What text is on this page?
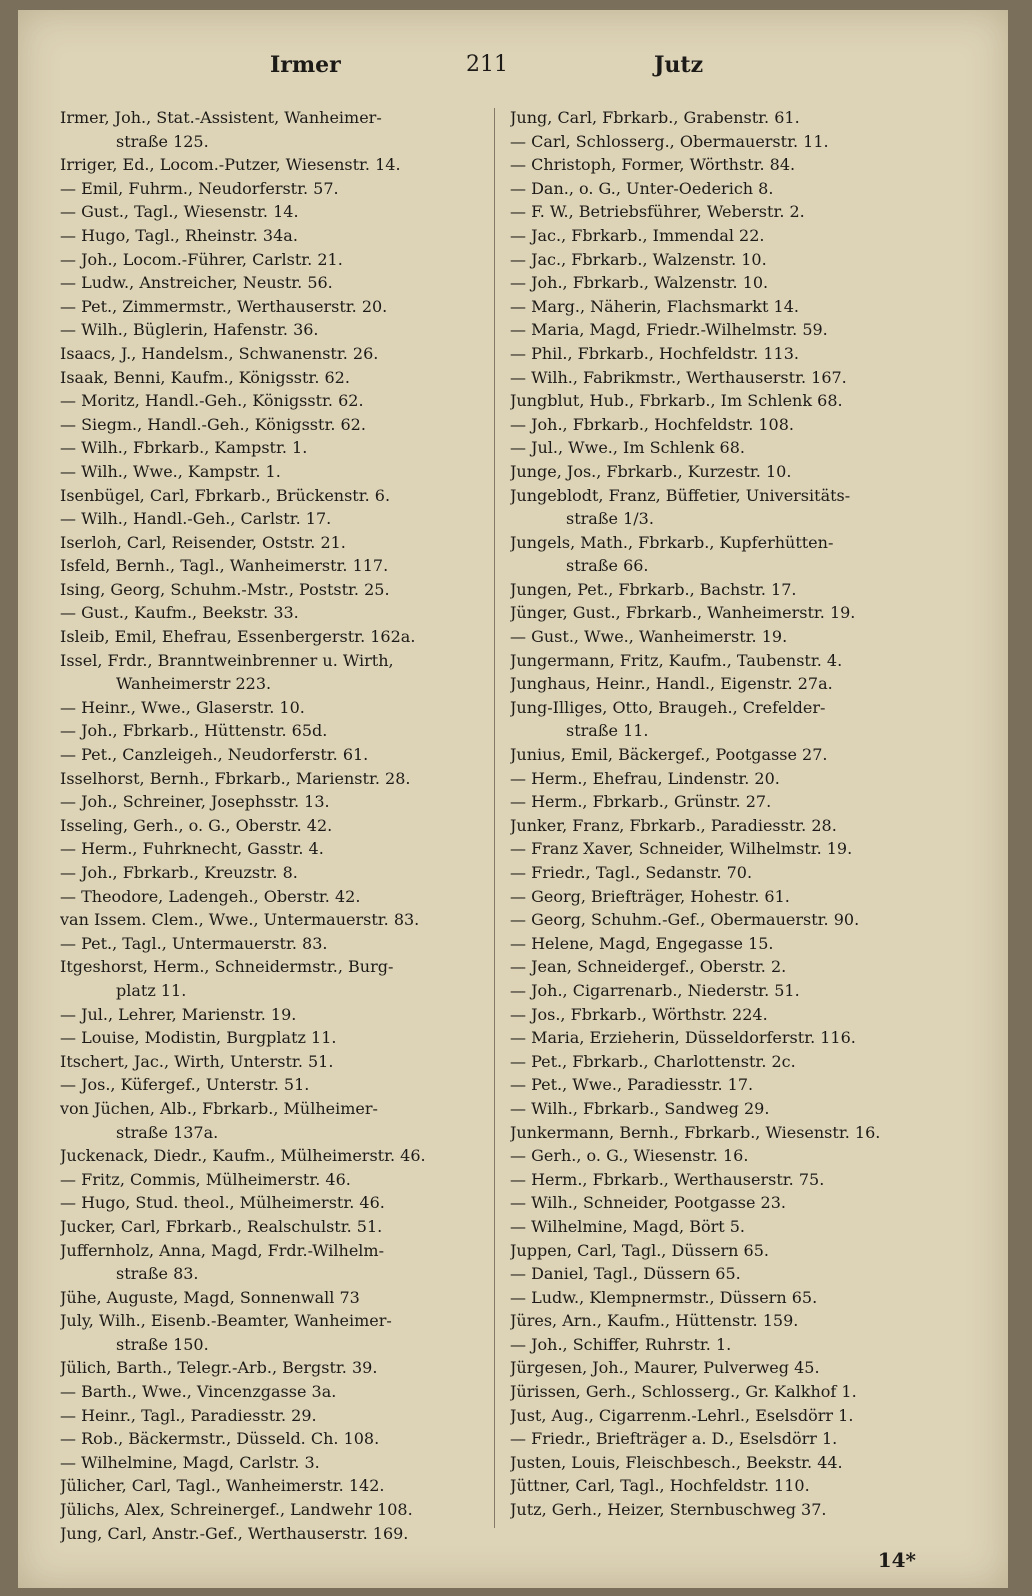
Irmer	211	Jutz
Irmer, Joh., Stat.-Assistent, Wanheimer-
straße 125.
Irriger, Ed., Locom.-Putzer, Wiesenstr. 14.
— Emil, Fuhrm., Neudorferstr. 57.
— Gust., Tagl., Wiesenstr. 14.
— Hugo, Tagl., Rheinstr. 34a.
— Joh., Locom.-Führer, Carlstr. 21.
— Ludw., Anstreicher, Neustr. 56.
— Pet., Zimmermstr., Werthauserstr. 20.
— Wilh., Büglerin, Hafenstr. 36.
Isaacs, J., Handelsm., Schwanenstr. 26.
Isaak, Benni, Kaufm., Königsstr. 62.
— Moritz, Handl.-Geh., Königsstr. 62.
— Siegm., Handl.-Geh., Königsstr. 62.
— Wilh., Fbrkarb., Kampstr. 1.
— Wilh., Wwe., Kampstr. 1.
Isenbügel, Carl, Fbrkarb., Brückenstr. 6.
— Wilh., Handl.-Geh., Carlstr. 17.
Iserloh, Carl, Reisender, Oststr. 21.
Isfeld, Bernh., Tagl., Wanheimerstr. 117.
Ising, Georg, Schuhm.-Mstr., Poststr. 25.
— Gust., Kaufm., Beekstr. 33.
Isleib, Emil, Ehefrau, Essenbergerstr. 162a.
Issel, Frdr., Branntweinbrenner u. Wirth,
Wanheimerstr 223.
— Heinr., Wwe., Glaserstr. 10.
— Joh., Fbrkarb., Hüttenstr. 65d.
— Pet., Canzleigeh., Neudorferstr. 61.
Isselhorst, Bernh., Fbrkarb., Marienstr. 28.
— Joh., Schreiner, Josephsstr. 13.
Isseling, Gerh., o. G., Oberstr. 42.
— Herm., Fuhrknecht, Gasstr. 4.
— Joh., Fbrkarb., Kreuzstr. 8.
— Theodore, Ladengeh., Oberstr. 42.
van Issem. Clem., Wwe., Untermauerstr. 83.
— Pet., Tagl., Untermauerstr. 83.
Itgeshorst, Herm., Schneidermstr., Burg-
platz 11.
— Jul., Lehrer, Marienstr. 19.
— Louise, Modistin, Burgplatz 11.
Itschert, Jac., Wirth, Unterstr. 51.
— Jos., Küfergef., Unterstr. 51.
von Jüchen, Alb., Fbrkarb., Mülheimer-
straße 137a.
Juckenack, Diedr., Kaufm., Mülheimerstr. 46.
— Fritz, Commis, Mülheimerstr. 46.
— Hugo, Stud. theol., Mülheimerstr. 46.
Jucker, Carl, Fbrkarb., Realschulstr. 51.
Juffernholz, Anna, Magd, Frdr.-Wilhelm-
straße 83.
Jühe, Auguste, Magd, Sonnenwall 73
July, Wilh., Eisenb.-Beamter, Wanheimer-
straße 150.
Jülich, Barth., Telegr.-Arb., Bergstr. 39.
— Barth., Wwe., Vincenzgasse 3a.
— Heinr., Tagl., Paradiesstr. 29.
— Rob., Bäckermstr., Düsseld. Ch. 108.
— Wilhelmine, Magd, Carlstr. 3.
Jülicher, Carl, Tagl., Wanheimerstr. 142.
Jülichs, Alex, Schreinergef., Landwehr 108.
Jung, Carl, Anstr.-Gef., Werthauserstr. 169.
Jung, Carl, Fbrkarb., Grabenstr. 61.
— Carl, Schlosserg., Obermauerstr. 11.
— Christoph, Former, Wörthstr. 84.
— Dan., o. G., Unter-Oederich 8.
— F. W., Betriebsführer, Weberstr. 2.
— Jac., Fbrkarb., Immendal 22.
— Jac., Fbrkarb., Walzenstr. 10.
— Joh., Fbrkarb., Walzenstr. 10.
— Marg., Näherin, Flachsmarkt 14.
— Maria, Magd, Friedr.-Wilhelmstr. 59.
— Phil., Fbrkarb., Hochfeldstr. 113.
— Wilh., Fabrikmstr., Werthauserstr. 167.
Jungblut, Hub., Fbrkarb., Im Schlenk 68.
— Joh., Fbrkarb., Hochfeldstr. 108.
— Jul., Wwe., Im Schlenk 68.
Junge, Jos., Fbrkarb., Kurzestr. 10.
Jungeblodt, Franz, Büffetier, Universitäts-
straße 1/3.
Jungels, Math., Fbrkarb., Kupferhütten-
straße 66.
Jungen, Pet., Fbrkarb., Bachstr. 17.
Jünger, Gust., Fbrkarb., Wanheimerstr. 19.
— Gust., Wwe., Wanheimerstr. 19.
Jungermann, Fritz, Kaufm., Taubenstr. 4.
Junghaus, Heinr., Handl., Eigenstr. 27a.
Jung-Illiges, Otto, Braugeh., Crefelder-
straße 11.
Junius, Emil, Bäckergef., Pootgasse 27.
— Herm., Ehefrau, Lindenstr. 20.
— Herm., Fbrkarb., Grünstr. 27.
Junker, Franz, Fbrkarb., Paradiesstr. 28.
— Franz Xaver, Schneider, Wilhelmstr. 19.
— Friedr., Tagl., Sedanstr. 70.
— Georg, Briefträger, Hohestr. 61.
— Georg, Schuhm.-Gef., Obermauerstr. 90.
— Helene, Magd, Engegasse 15.
— Jean, Schneidergef., Oberstr. 2.
— Joh., Cigarrenarb., Niederstr. 51.
— Jos., Fbrkarb., Wörthstr. 224.
— Maria, Erzieherin, Düsseldorferstr. 116.
— Pet., Fbrkarb., Charlottenstr. 2c.
— Pet., Wwe., Paradiesstr. 17.
— Wilh., Fbrkarb., Sandweg 29.
Junkermann, Bernh., Fbrkarb., Wiesenstr. 16.
— Gerh., o. G., Wiesenstr. 16.
— Herm., Fbrkarb., Werthauserstr. 75.
— Wilh., Schneider, Pootgasse 23.
— Wilhelmine, Magd, Bört 5.
Juppen, Carl, Tagl., Düssern 65.
— Daniel, Tagl., Düssern 65.
— Ludw., Klempnermstr., Düssern 65.
Jüres, Arn., Kaufm., Hüttenstr. 159.
— Joh., Schiffer, Ruhrstr. 1.
Jürgesen, Joh., Maurer, Pulverweg 45.
Jürissen, Gerh., Schlosserg., Gr. Kalkhof 1.
Just, Aug., Cigarrenm.-Lehrl., Eselsdörr 1.
— Friedr., Briefträger a. D., Eselsdörr 1.
Justen, Louis, Fleischbesch., Beekstr. 44.
Jüttner, Carl, Tagl., Hochfeldstr. 110.
Jutz, Gerh., Heizer, Sternbuschweg 37.
14*
